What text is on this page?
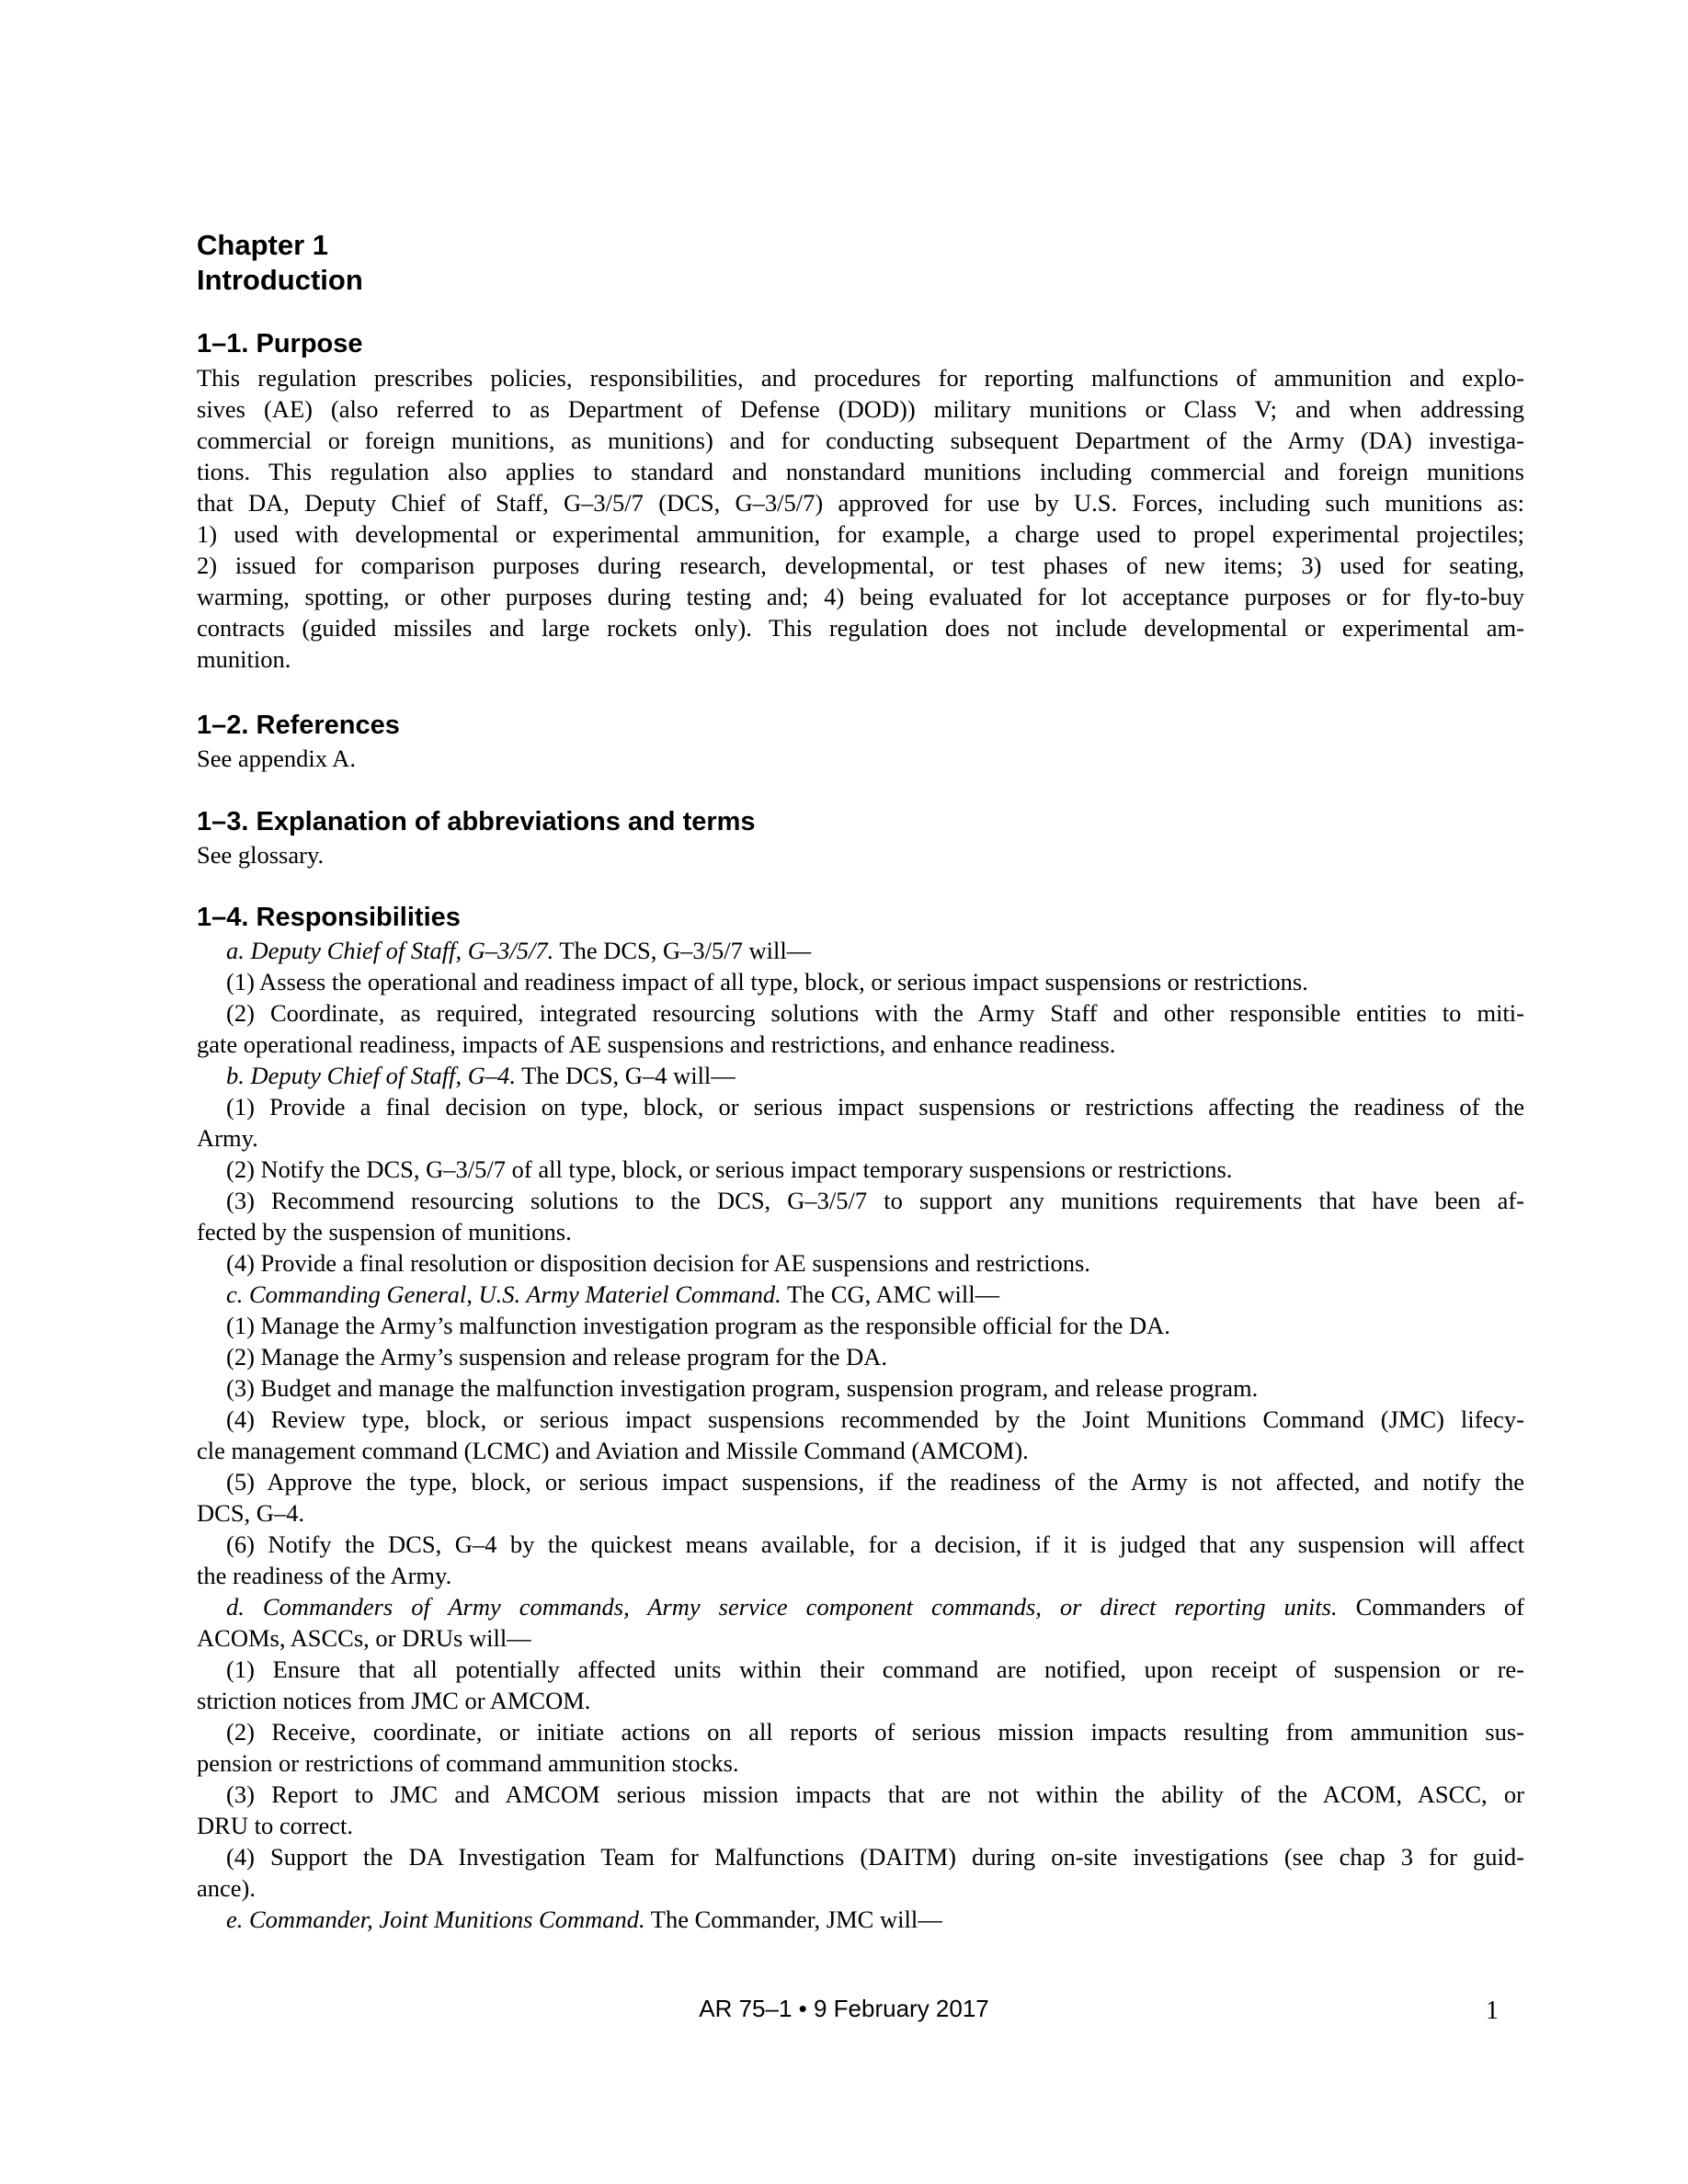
Chapter 1
Introduction
1–1. Purpose
This regulation prescribes policies, responsibilities, and procedures for reporting malfunctions of ammunition and explo-
sives (AE) (also referred to as Department of Defense (DOD)) military munitions or Class V; and when addressing
commercial or foreign munitions, as munitions) and for conducting subsequent Department of the Army (DA) investiga-
tions. This regulation also applies to standard and nonstandard munitions including commercial and foreign munitions
that DA, Deputy Chief of Staff, G–3/5/7 (DCS, G–3/5/7) approved for use by U.S. Forces, including such munitions as:
1) used with developmental or experimental ammunition, for example, a charge used to propel experimental projectiles;
2) issued for comparison purposes during research, developmental, or test phases of new items; 3) used for seating,
warming, spotting, or other purposes during testing and; 4) being evaluated for lot acceptance purposes or for fly-to-buy
contracts (guided missiles and large rockets only). This regulation does not include developmental or experimental am-
munition.
1–2. References
See appendix A.
1–3. Explanation of abbreviations and terms
See glossary.
1–4. Responsibilities
a. Deputy Chief of Staff, G–3/5/7. The DCS, G–3/5/7 will—
(1) Assess the operational and readiness impact of all type, block, or serious impact suspensions or restrictions.
(2) Coordinate, as required, integrated resourcing solutions with the Army Staff and other responsible entities to miti-
gate operational readiness, impacts of AE suspensions and restrictions, and enhance readiness.
b. Deputy Chief of Staff, G–4. The DCS, G–4 will—
(1) Provide a final decision on type, block, or serious impact suspensions or restrictions affecting the readiness of the
Army.
(2) Notify the DCS, G–3/5/7 of all type, block, or serious impact temporary suspensions or restrictions.
(3) Recommend resourcing solutions to the DCS, G–3/5/7 to support any munitions requirements that have been af-
fected by the suspension of munitions.
(4) Provide a final resolution or disposition decision for AE suspensions and restrictions.
c. Commanding General, U.S. Army Materiel Command. The CG, AMC will—
(1) Manage the Army’s malfunction investigation program as the responsible official for the DA.
(2) Manage the Army’s suspension and release program for the DA.
(3) Budget and manage the malfunction investigation program, suspension program, and release program.
(4) Review type, block, or serious impact suspensions recommended by the Joint Munitions Command (JMC) lifecy-
cle management command (LCMC) and Aviation and Missile Command (AMCOM).
(5) Approve the type, block, or serious impact suspensions, if the readiness of the Army is not affected, and notify the
DCS, G–4.
(6) Notify the DCS, G–4 by the quickest means available, for a decision, if it is judged that any suspension will affect
the readiness of the Army.
d. Commanders of Army commands, Army service component commands, or direct reporting units. Commanders of
ACOMs, ASCCs, or DRUs will—
(1) Ensure that all potentially affected units within their command are notified, upon receipt of suspension or re-
striction notices from JMC or AMCOM.
(2) Receive, coordinate, or initiate actions on all reports of serious mission impacts resulting from ammunition sus-
pension or restrictions of command ammunition stocks.
(3) Report to JMC and AMCOM serious mission impacts that are not within the ability of the ACOM, ASCC, or
DRU to correct.
(4) Support the DA Investigation Team for Malfunctions (DAITM) during on-site investigations (see chap 3 for guid-
ance).
e. Commander, Joint Munitions Command. The Commander, JMC will—
AR 75–1 • 9 February 2017	1
